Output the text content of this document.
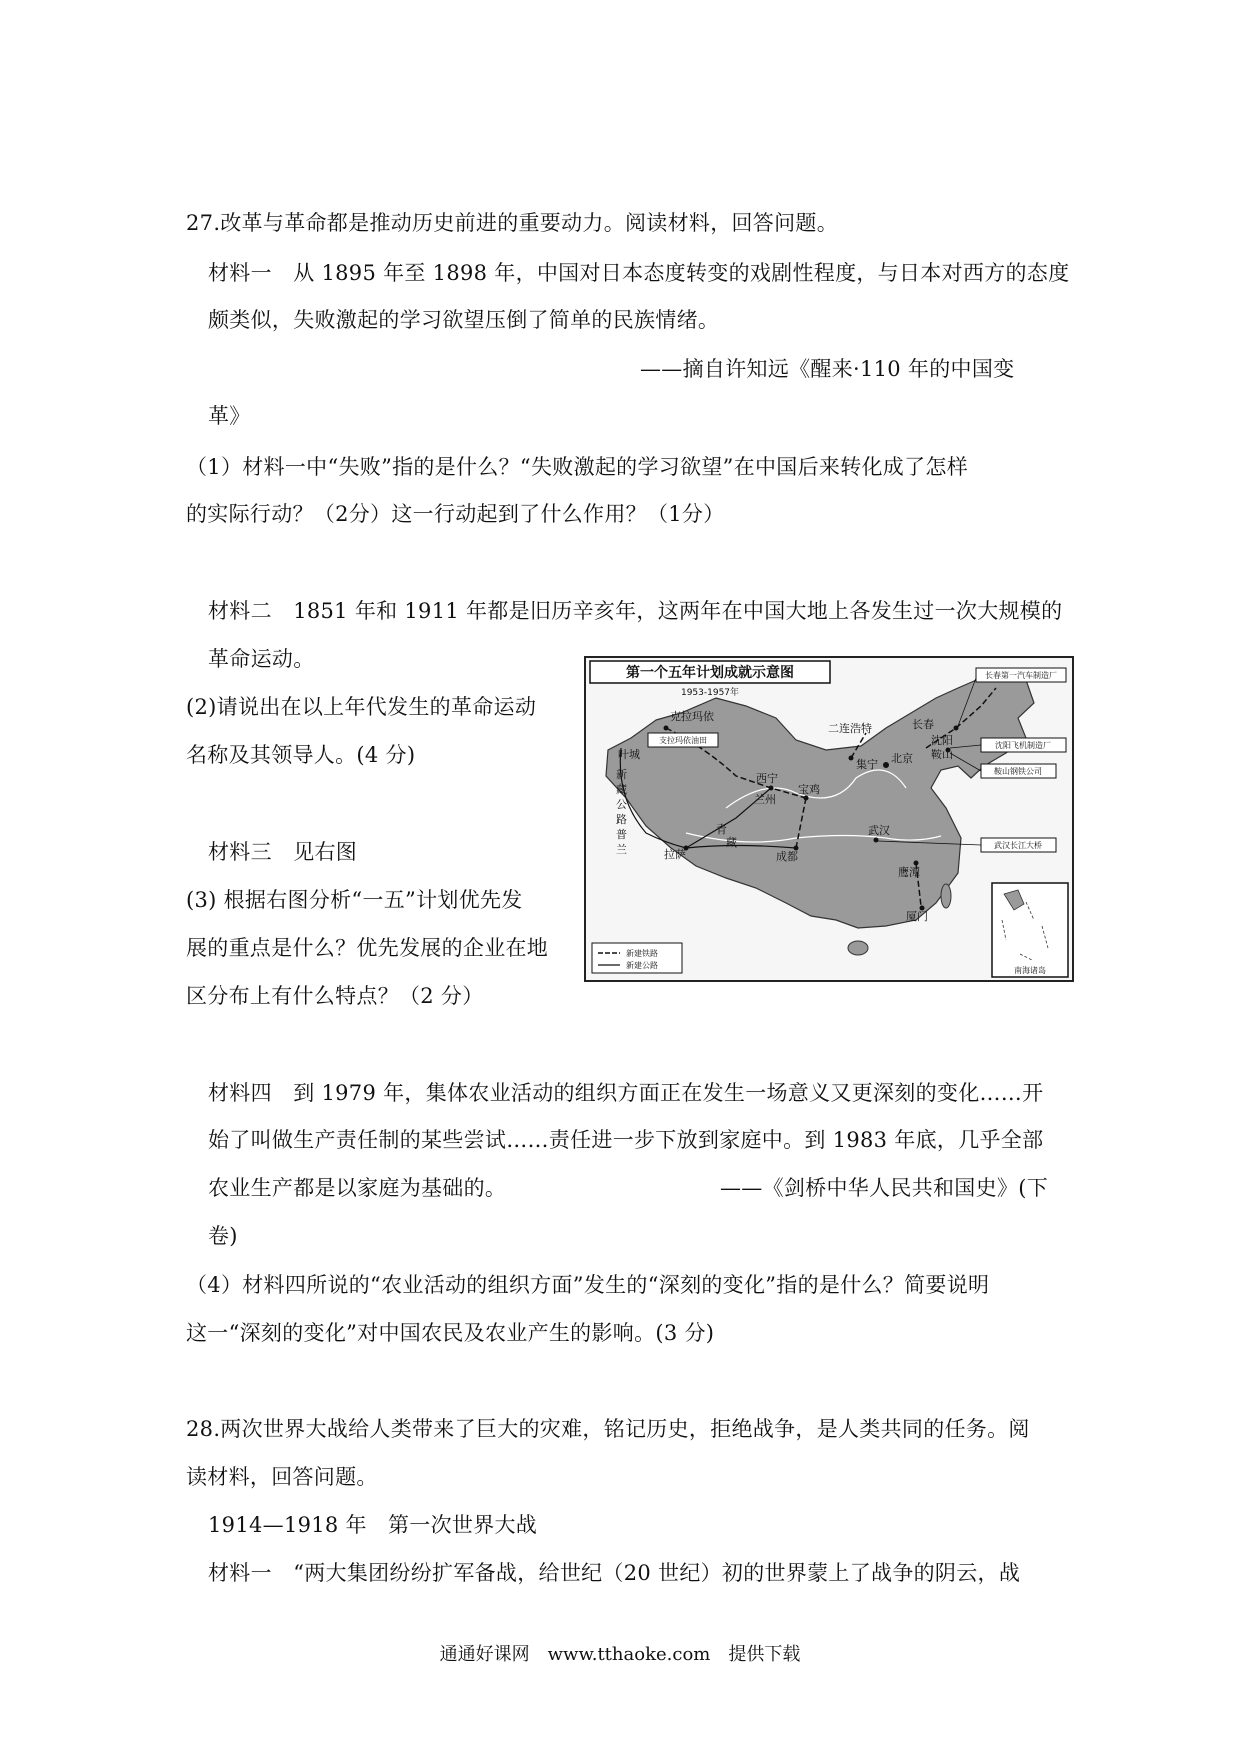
27.改革与革命都是推动历史前进的重要动力。阅读材料，回答问题。
材料一　从 1895 年至 1898 年，中国对日本态度转变的戏剧性程度，与日本对西方的态度
颇类似，失败激起的学习欲望压倒了简单的民族情绪。
——摘自许知远《醒来·110 年的中国变
革》
（1）材料一中“失败”指的是什么？“失败激起的学习欲望”在中国后来转化成了怎样
的实际行动？（2分）这一行动起到了什么作用？（1分）
材料二　1851 年和 1911 年都是旧历辛亥年，这两年在中国大地上各发生过一次大规模的
革命运动。
(2)请说出在以上年代发生的革命运动
名称及其领导人。(4 分)
材料三　见右图
(3) 根据右图分析“一五”计划优先发
展的重点是什么？优先发展的企业在地
区分布上有什么特点？（2 分）
第一个五年计划成就示意图
1953-1957年
克拉玛依
叶城
新
藏
公
路
普
兰
西宁
兰州
宝鸡
北京
长春
沈阳
鞍山
二连浩特
集宁
拉萨	成都
武汉
鹰潭
厦门
青
藏
长春第一汽车制造厂
沈阳飞机制造厂
鞍山钢铁公司
武汉长江大桥
支拉玛依油田
新建铁路
新建公路
南海诸岛
材料四　到 1979 年，集体农业活动的组织方面正在发生一场意义又更深刻的变化……开
始了叫做生产责任制的某些尝试……责任进一步下放到家庭中。到 1983 年底，几乎全部
农业生产都是以家庭为基础的。	——《剑桥中华人民共和国史》(下
卷)
（4）材料四所说的“农业活动的组织方面”发生的“深刻的变化”指的是什么？简要说明
这一“深刻的变化”对中国农民及农业产生的影响。(3 分)
28.两次世界大战给人类带来了巨大的灾难，铭记历史，拒绝战争，是人类共同的任务。阅
读材料，回答问题。
1914—1918 年 第一次世界大战
材料一　“两大集团纷纷扩军备战，给世纪（20 世纪）初的世界蒙上了战争的阴云，战
通通好课网　www.tthaoke.com　提供下载
